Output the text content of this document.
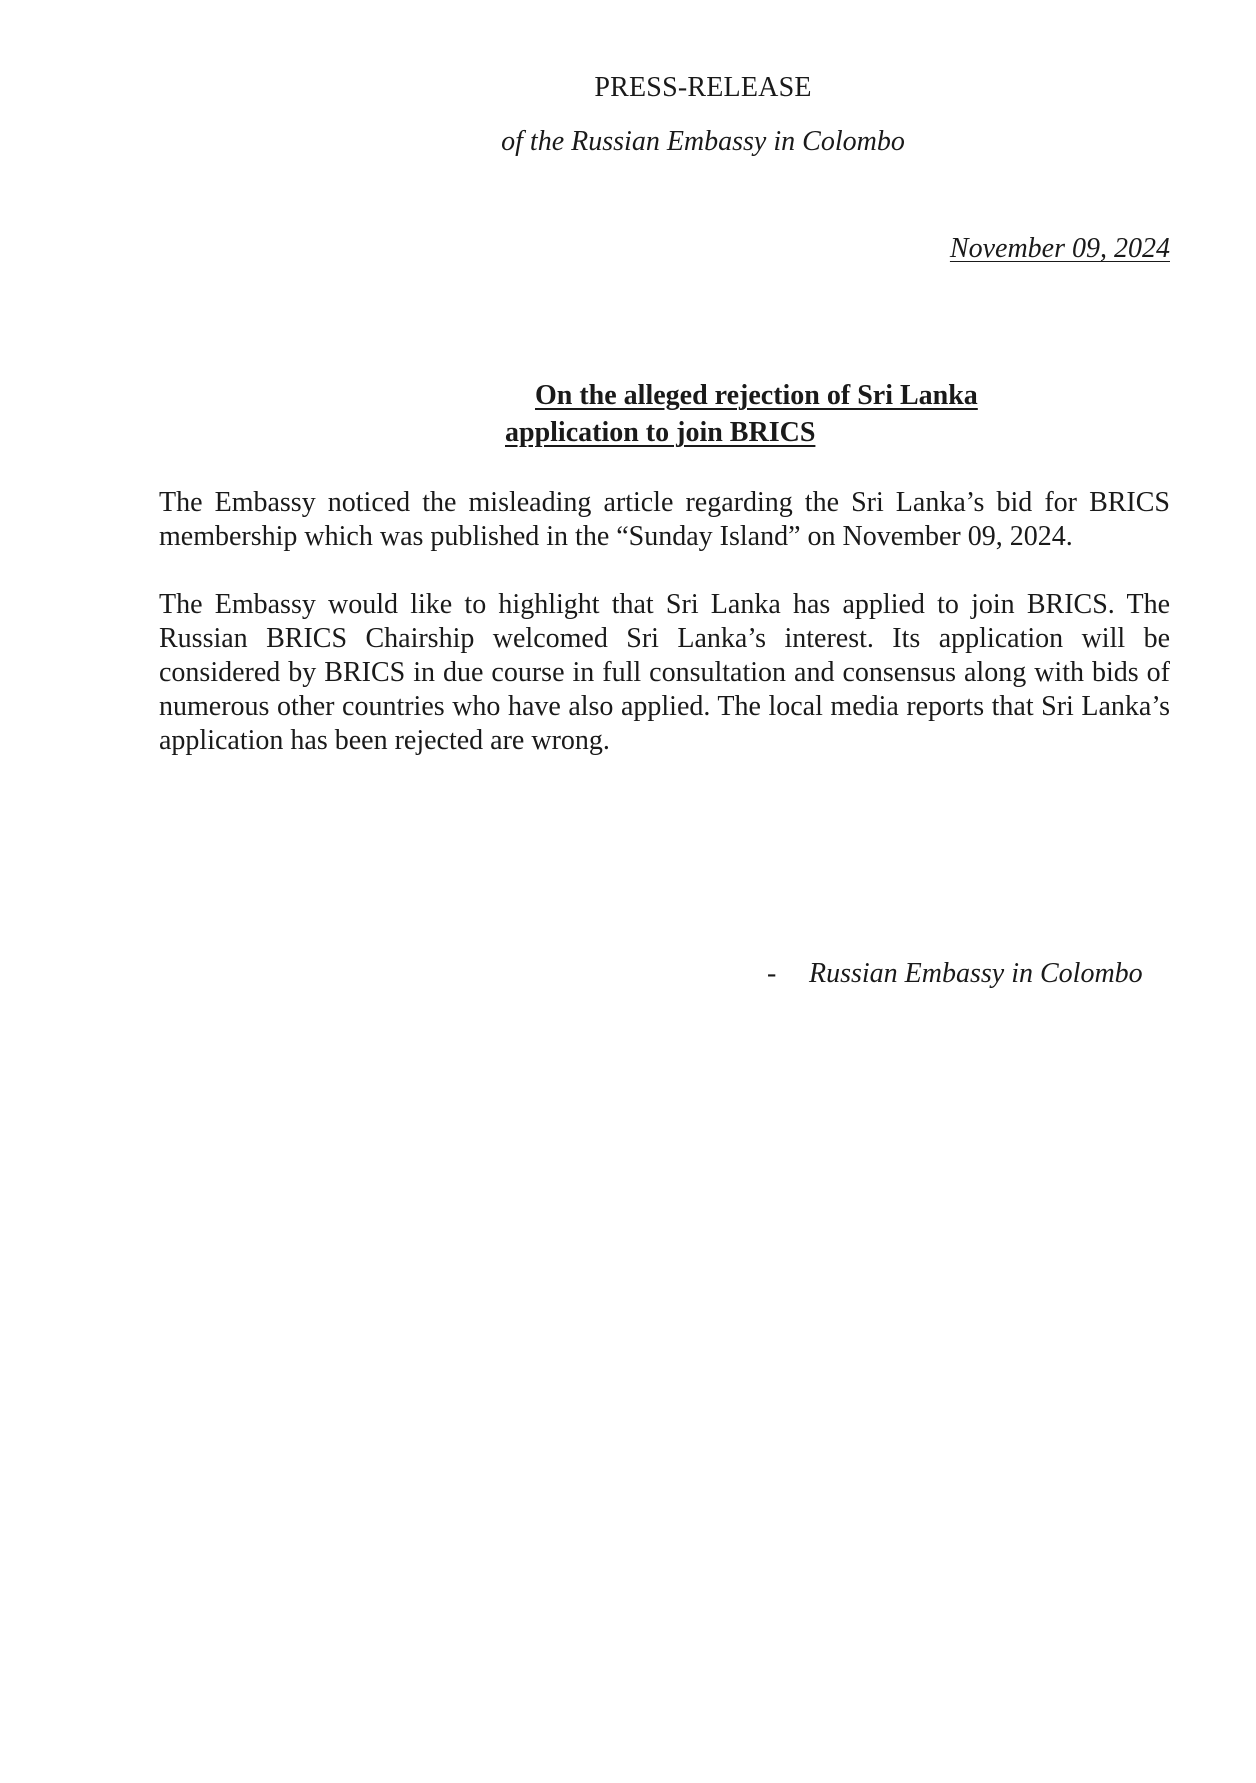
PRESS-RELEASE
of the Russian Embassy in Colombo
November 09, 2024
On the alleged rejection of Sri Lanka
application to join BRICS
The Embassy noticed the misleading article regarding the Sri Lanka’s bid for BRICS membership which was published in the “Sunday Island” on November 09, 2024.
The Embassy would like to highlight that Sri Lanka has applied to join BRICS. The Russian BRICS Chairship welcomed Sri Lanka’s interest. Its application will be considered by BRICS in due course in full consultation and consensus along with bids of numerous other countries who have also applied. The local media reports that Sri Lanka’s application has been rejected are wrong.
- Russian Embassy in Colombo
